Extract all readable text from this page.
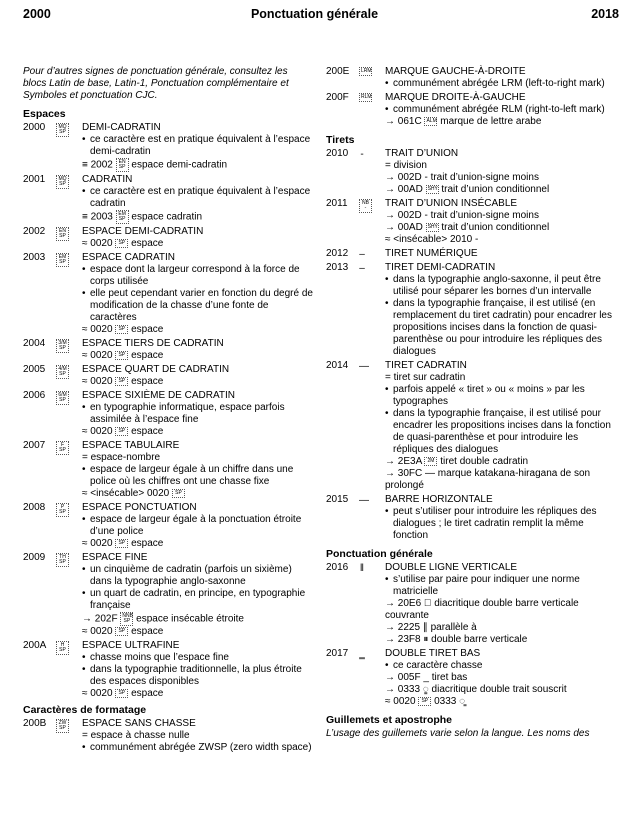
2000	Ponctuation générale	2018
Pour d’autres signes de ponctuation générale, consultez les blocs Latin de base, Latin-1, Ponctuation complémentaire et Symboles et ponctuation CJC.
Espaces
2000	MQ SP	DEMI-CADRATIN
• ce caractère est en pratique équivalent à l’espace demi-cadratin
≡ 2002 EN SP espace demi-cadratin
2001	MQ SP	CADRATIN
• ce caractère est en pratique équivalent à l’espace cadratin
≡ 2003 EM SP espace cadratin
2002	EN SP	ESPACE DEMI-CADRATIN
≈ 0020 SP espace
2003	EM SP	ESPACE CADRATIN
• espace dont la largeur correspond à la force de corps utilisée
• elle peut cependant varier en fonction du degré de modification de la chasse d’une fonte de caractères
≈ 0020 SP espace
2004	3/M SP	ESPACE TIERS DE CADRATIN
≈ 0020 SP espace
2005	4/M SP	ESPACE QUART DE CADRATIN
≈ 0020 SP espace
2006	6/M SP	ESPACE SIXIÈME DE CADRATIN
• en typographie informatique, espace parfois assimilée à l’espace fine
≈ 0020 SP espace
2007	F SP	ESPACE TABULAIRE
= espace-nombre
• espace de largeur égale à un chiffre dans une police où les chiffres ont une chasse fixe
≈ <insécable> 0020 SP
2008	P SP	ESPACE PONCTUATION
• espace de largeur égale à la ponctuation étroite d’une police
≈ 0020 SP espace
2009	TH SP	ESPACE FINE
• un cinquième de cadratin (parfois un sixième) dans la typographie anglo-saxonne
• un quart de cadratin, en principe, en typographie française
→ 202F NNB SP espace insécable étroite
≈ 0020 SP espace
200A	H SP	ESPACE ULTRAFINE
• chasse moins que l’espace fine
• dans la typographie traditionnelle, la plus étroite des espaces disponibles
≈ 0020 SP espace
Caractères de formatage
200B	ZW SP	ESPACE SANS CHASSE
= espace à chasse nulle
• communément abrégée ZWSP (zero width space)
200E	LRM MARQUE GAUCHE-À-DROITE
• communément abrégée LRM (left-to-right mark)
200F	RLM MARQUE DROITE-À-GAUCHE
• communément abrégée RLM (right-to-left mark)
→ 061C ALM marque de lettre arabe
Tirets
2010 - TRAIT D’UNION
= division
→ 002D - trait d’union-signe moins
→ 00AD SHY trait d’union conditionnel
2011	NB -	TRAIT D’UNION INSÉCABLE
→ 002D - trait d’union-signe moins
→ 00AD SHY trait d’union conditionnel
≈ <insécable> 2010 -
2012 – TIRET NUMÉRIQUE
2013 – TIRET DEMI-CADRATIN
• dans la typographie anglo-saxonne, il peut être utilisé pour séparer les bornes d’un intervalle
• dans la typographie française, il est utilisé (en remplacement du tiret cadratin) pour encadrer les propositions incises dans la fonction de quasi-parenthèse ou pour introduire les répliques des dialogues
2014 — TIRET CADRATIN
= tiret sur cadratin
• parfois appelé « tiret » ou « moins » par les typographes
• dans la typographie française, il est utilisé pour encadrer les propositions incises dans la fonction de quasi-parenthèse et pour introduire les répliques des dialogues
→ 2E3A 2M tiret double cadratin
→ 30FC — marque katakana-hiragana de son prolongé
2015 — BARRE HORIZONTALE
• peut s’utiliser pour introduire les répliques des dialogues ; le tiret cadratin remplit la même fonction
Ponctuation générale
2016 ‖ DOUBLE LIGNE VERTICALE
• s’utilise par paire pour indiquer une norme matricielle
→ 20E6 ⃦ diacritique double barre verticale couvrante
→ 2225 ∥ parallèle à
→ 23F8 ⏸ double barre verticale
2017 ‗ DOUBLE TIRET BAS
• ce caractère chasse
→ 005F _ tiret bas
→ 0333 ◌̳ diacritique double trait souscrit
≈ 0020 SP 0333 ◌̳
Guillemets et apostrophe
L’usage des guillemets varie selon la langue. Les noms des
